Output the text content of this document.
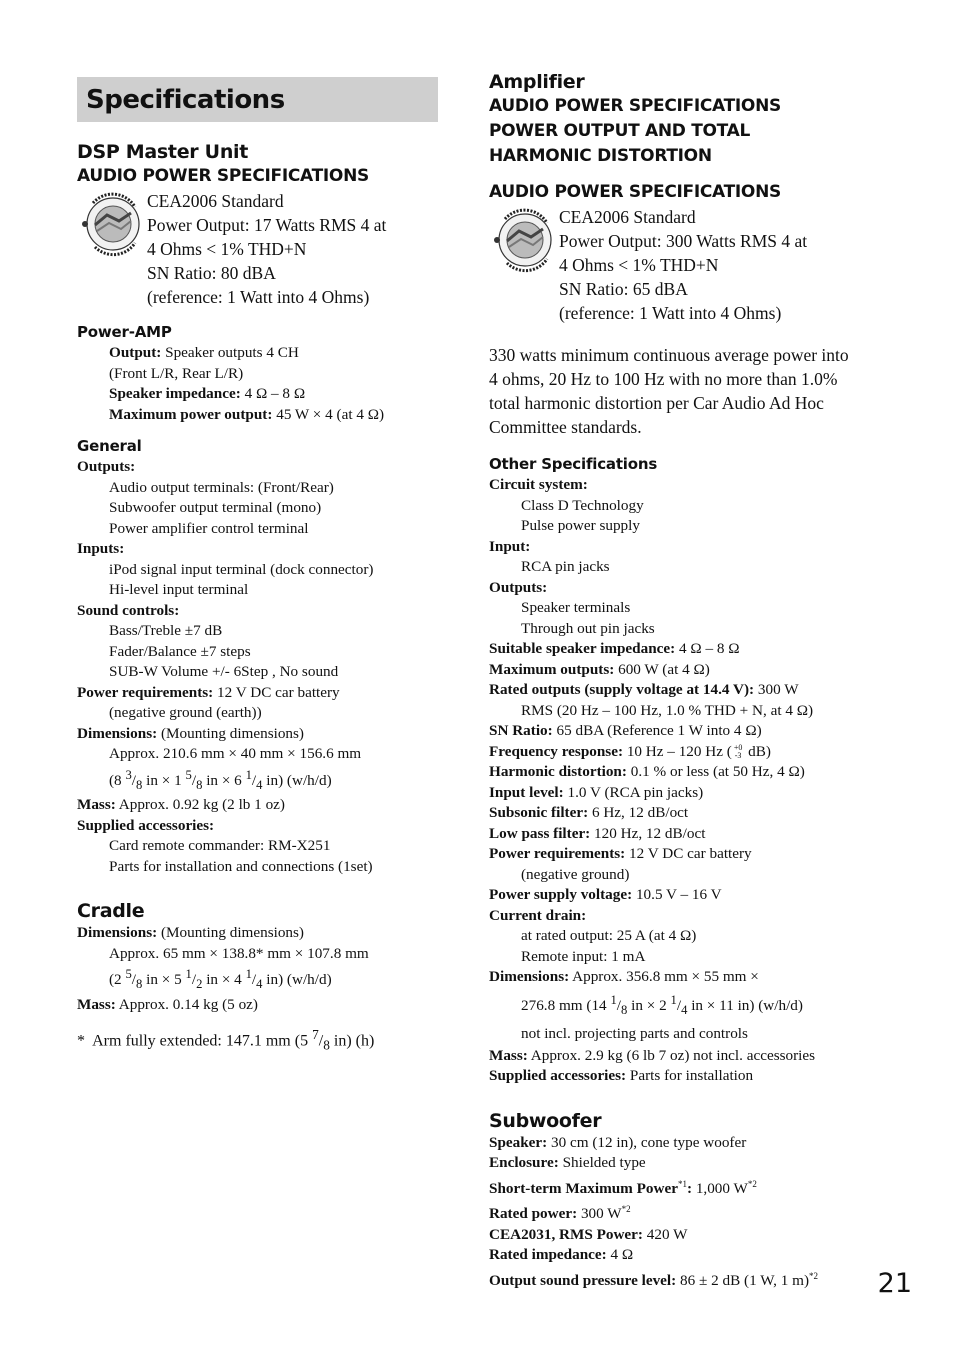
Specifications
DSP Master Unit
AUDIO POWER SPECIFICATIONS
CEA2006 Standard
Power Output: 17 Watts RMS 4 at
4 Ohms < 1% THD+N
SN Ratio: 80 dBA
(reference: 1 Watt into 4 Ohms)
Power-AMP
Output: Speaker outputs 4 CH
(Front L/R, Rear L/R)
Speaker impedance: 4 Ω – 8 Ω
Maximum power output: 45 W × 4 (at 4 Ω)
General
Outputs:
Audio output terminals: (Front/Rear)
Subwoofer output terminal (mono)
Power amplifier control terminal
Inputs:
iPod signal input terminal (dock connector)
Hi-level input terminal
Sound controls:
Bass/Treble ±7 dB
Fader/Balance ±7 steps
SUB-W Volume +/- 6Step , No sound
Power requirements: 12 V DC car battery
(negative ground (earth))
Dimensions: (Mounting dimensions)
Approx. 210.6 mm × 40 mm × 156.6 mm
(8 $^3/_8$ in × 1 $^5/_8$ in × 6 $^1/_4$ in) (w/h/d)
Mass: Approx. 0.92 kg (2 lb 1 oz)
Supplied accessories:
Card remote commander: RM-X251
Parts for installation and connections (1set)
Cradle
Dimensions: (Mounting dimensions)
Approx. 65 mm × 138.8* mm × 107.8 mm
(2 $^5/_8$ in × 5 $^1/_2$ in × 4 $^1/_4$ in) (w/h/d)
Mass: Approx. 0.14 kg (5 oz)
*  Arm fully extended: 147.1 mm (5 $^7/_8$ in) (h)
Amplifier
AUDIO POWER SPECIFICATIONS
POWER OUTPUT AND TOTAL
HARMONIC DISTORTION
AUDIO POWER SPECIFICATIONS
CEA2006 Standard
Power Output: 300 Watts RMS 4 at
4 Ohms < 1% THD+N
SN Ratio: 65 dBA
(reference: 1 Watt into 4 Ohms)
330 watts minimum continuous average power into 4 ohms, 20 Hz to 100 Hz with no more than 1.0% total harmonic distortion per Car Audio Ad Hoc Committee standards.
Other Specifications
Circuit system:
Class D Technology
Pulse power supply
Input:
RCA pin jacks
Outputs:
Speaker terminals
Through out pin jacks
Suitable speaker impedance: 4 Ω – 8 Ω
Maximum outputs: 600 W (at 4 Ω)
Rated outputs (supply voltage at 14.4 V): 300 W
RMS (20 Hz – 100 Hz, 1.0 % THD + N, at 4 Ω)
SN Ratio: 65 dBA (Reference 1 W into 4 Ω)
Frequency response: 10 Hz – 120 Hz ( +0
-3 dB)
Harmonic distortion: 0.1 % or less (at 50 Hz, 4 Ω)
Input level: 1.0 V (RCA pin jacks)
Subsonic filter: 6 Hz, 12 dB/oct
Low pass filter: 120 Hz, 12 dB/oct
Power requirements: 12 V DC car battery
(negative ground)
Power supply voltage: 10.5 V – 16 V
Current drain:
at rated output: 25 A (at 4 Ω)
Remote input: 1 mA
Dimensions: Approx. 356.8 mm × 55 mm ×
276.8 mm (14 $^1/_8$ in × 2 $^1/_4$ in × 11 in) (w/h/d)
not incl. projecting parts and controls
Mass: Approx. 2.9 kg (6 lb 7 oz) not incl. accessories
Supplied accessories: Parts for installation
Subwoofer
Speaker: 30 cm (12 in), cone type woofer
Enclosure: Shielded type
Short-term Maximum Power$^{*1}$: 1,000 $W^{*2}$
Rated power: 300 $W^{*2}$
CEA2031, RMS Power: 420 W
Rated impedance: 4 Ω
Output sound pressure level: 86 ± 2 dB (1 W, 1 m)$^{*2}$	21
